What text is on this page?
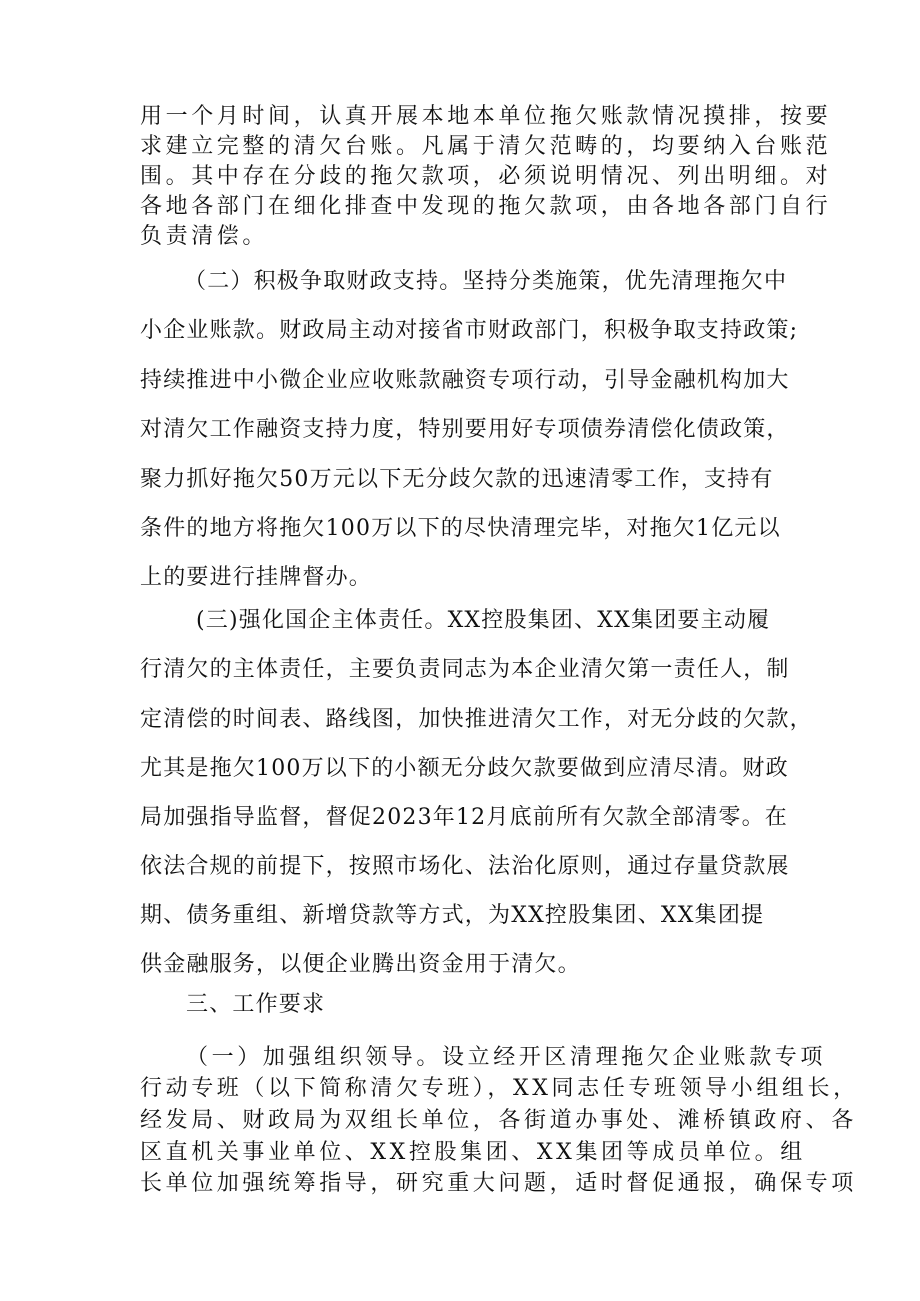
用一个月时间，认真开展本地本单位拖欠账款情况摸排，按要
求建立完整的清欠台账。凡属于清欠范畴的，均要纳入台账范
围。其中存在分歧的拖欠款项，必须说明情况、列出明细。对
各地各部门在细化排查中发现的拖欠款项，由各地各部门自行
负责清偿。
（二）积极争取财政支持。坚持分类施策，优先清理拖欠中
小企业账款。财政局主动对接省市财政部门，积极争取支持政策;
持续推进中小微企业应收账款融资专项行动，引导金融机构加大
对清欠工作融资支持力度，特别要用好专项债券清偿化债政策，
聚力抓好拖欠50万元以下无分歧欠款的迅速清零工作，支持有
条件的地方将拖欠100万以下的尽快清理完毕，对拖欠1亿元以
上的要进行挂牌督办。
(三)强化国企主体责任。XX控股集团、XX集团要主动履
行清欠的主体责任，主要负责同志为本企业清欠第一责任人，制
定清偿的时间表、路线图，加快推进清欠工作，对无分歧的欠款，
尤其是拖欠100万以下的小额无分歧欠款要做到应清尽清。财政
局加强指导监督，督促2023年12月底前所有欠款全部清零。在
依法合规的前提下，按照市场化、法治化原则，通过存量贷款展
期、债务重组、新增贷款等方式，为XX控股集团、XX集团提
供金融服务，以便企业腾出资金用于清欠。
三、工作要求
（一）加强组织领导。设立经开区清理拖欠企业账款专项
行动专班（以下简称清欠专班），XX同志任专班领导小组组长，
经发局、财政局为双组长单位，各街道办事处、滩桥镇政府、各
区直机关事业单位、XX控股集团、XX集团等成员单位。组
长单位加强统筹指导，研究重大问题，适时督促通报，确保专项
